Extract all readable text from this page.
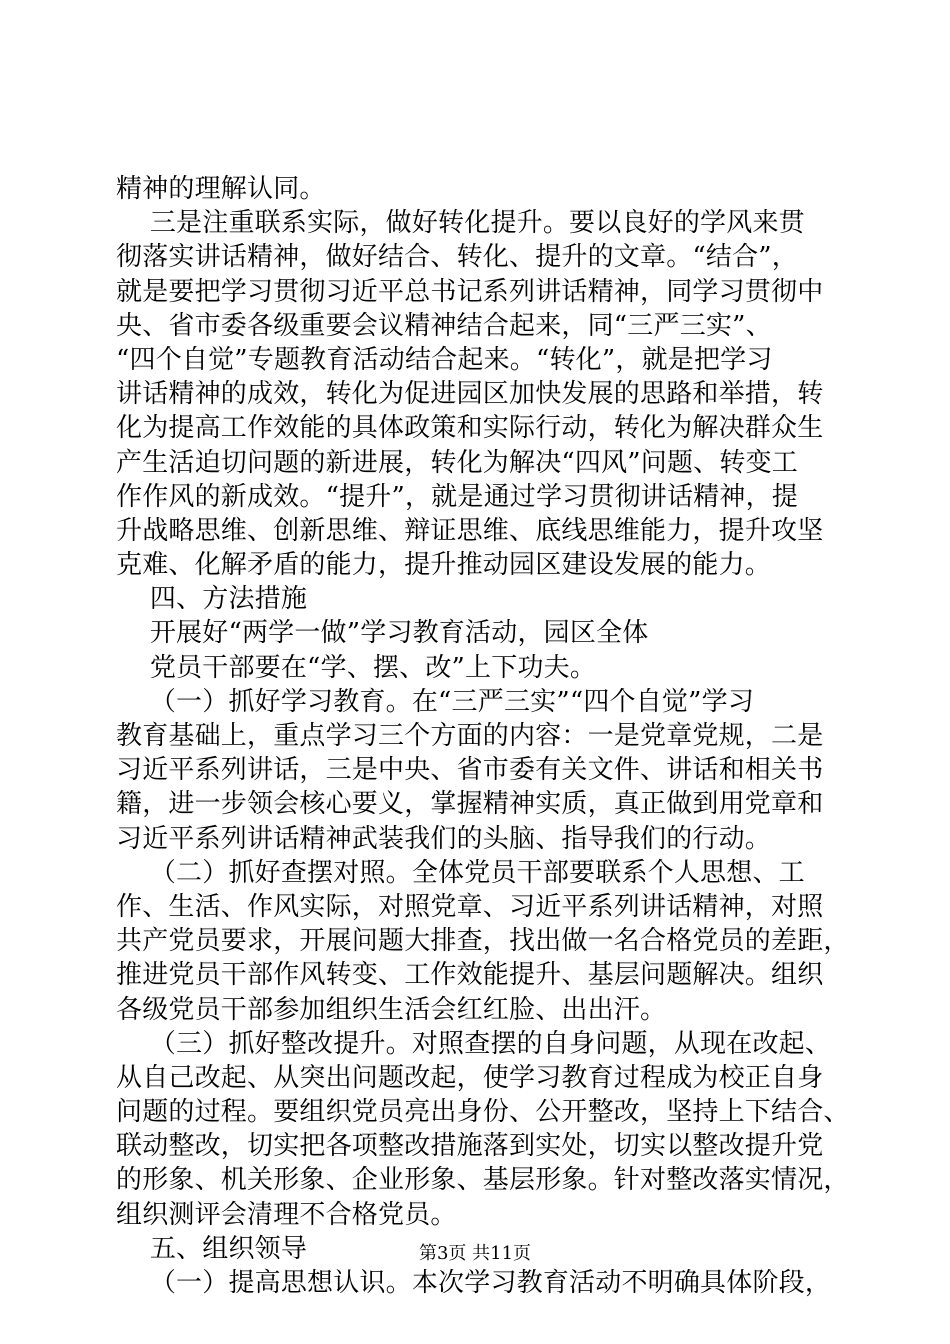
精神的理解认同。
三是注重联系实际，做好转化提升。要以良好的学风来贯
彻落实讲话精神，做好结合、转化、提升的文章。“结合”，
就是要把学习贯彻习近平总书记系列讲话精神，同学习贯彻中
央、省市委各级重要会议精神结合起来，同“三严三实”、
“四个自觉”专题教育活动结合起来。“转化”，就是把学习
讲话精神的成效，转化为促进园区加快发展的思路和举措，转
化为提高工作效能的具体政策和实际行动，转化为解决群众生
产生活迫切问题的新进展，转化为解决“四风”问题、转变工
作作风的新成效。“提升”，就是通过学习贯彻讲话精神，提
升战略思维、创新思维、辩证思维、底线思维能力，提升攻坚
克难、化解矛盾的能力，提升推动园区建设发展的能力。
四、方法措施
开展好“两学一做”学习教育活动，园区全体
党员干部要在“学、摆、改”上下功夫。
（一）抓好学习教育。在“三严三实”“四个自觉”学习
教育基础上，重点学习三个方面的内容：一是党章党规，二是
习近平系列讲话，三是中央、省市委有关文件、讲话和相关书
籍，进一步领会核心要义，掌握精神实质，真正做到用党章和
习近平系列讲话精神武装我们的头脑、指导我们的行动。
（二）抓好查摆对照。全体党员干部要联系个人思想、工
作、生活、作风实际，对照党章、习近平系列讲话精神，对照
共产党员要求，开展问题大排查，找出做一名合格党员的差距，
推进党员干部作风转变、工作效能提升、基层问题解决。组织
各级党员干部参加组织生活会红红脸、出出汗。
（三）抓好整改提升。对照查摆的自身问题，从现在改起、
从自己改起、从突出问题改起，使学习教育过程成为校正自身
问题的过程。要组织党员亮出身份、公开整改，坚持上下结合、
联动整改，切实把各项整改措施落到实处，切实以整改提升党
的形象、机关形象、企业形象、基层形象。针对整改落实情况，
组织测评会清理不合格党员。
五、组织领导
（一）提高思想认识。本次学习教育活动不明确具体阶段，
第3页 共11页
